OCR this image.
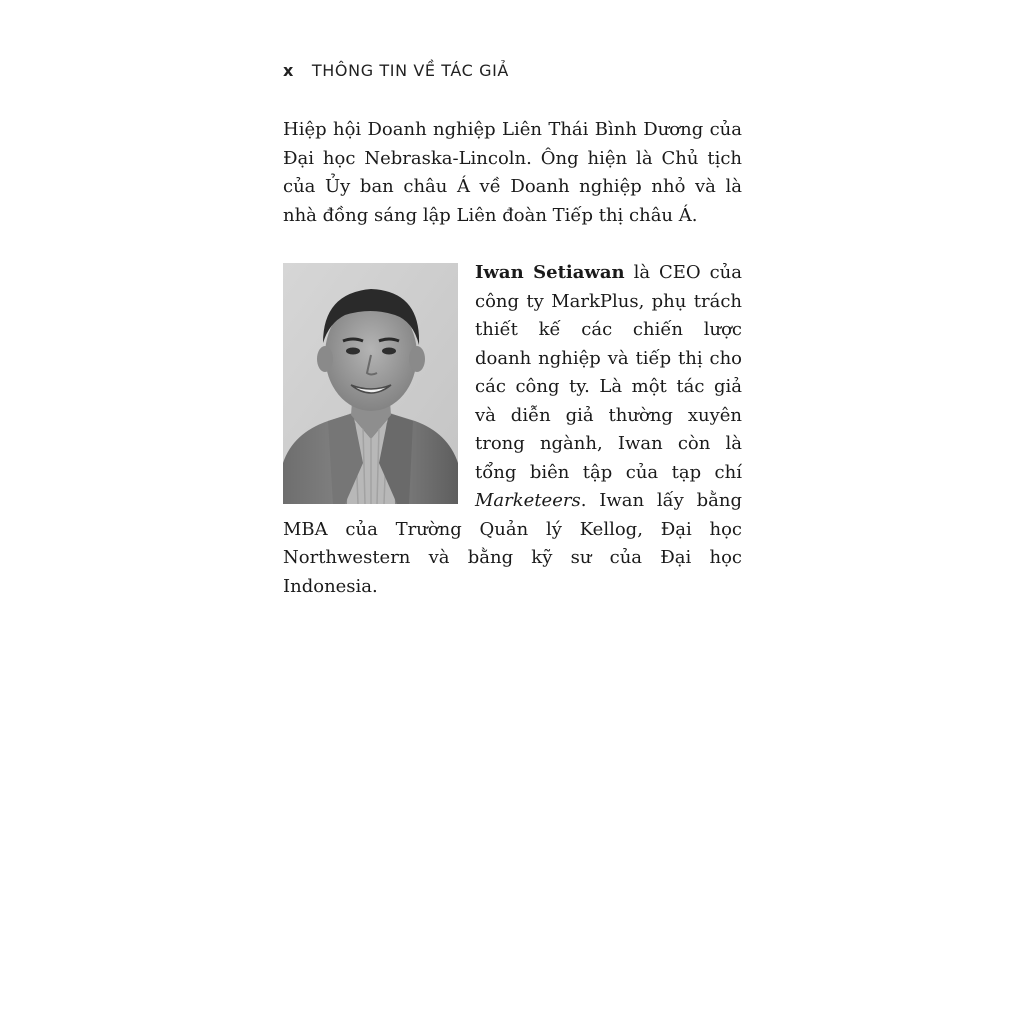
x THÔNG TIN VỀ TÁC GIẢ

Hiệp hội Doanh nghiệp Liên Thái Bình Dương của Đại học Nebraska-Lincoln. Ông hiện là Chủ tịch của Ủy ban châu Á về Doanh nghiệp nhỏ và là nhà đồng sáng lập Liên đoàn Tiếp thị châu Á.

Iwan Setiawan là CEO của công ty MarkPlus, phụ trách thiết kế các chiến lược doanh nghiệp và tiếp thị cho các công ty. Là một tác giả và diễn giả thường xuyên trong ngành, Iwan còn là tổng biên tập của tạp chí Marketeers. Iwan lấy bằng MBA của Trường Quản lý Kellog, Đại học Northwestern và bằng kỹ sư của Đại học Indonesia.
